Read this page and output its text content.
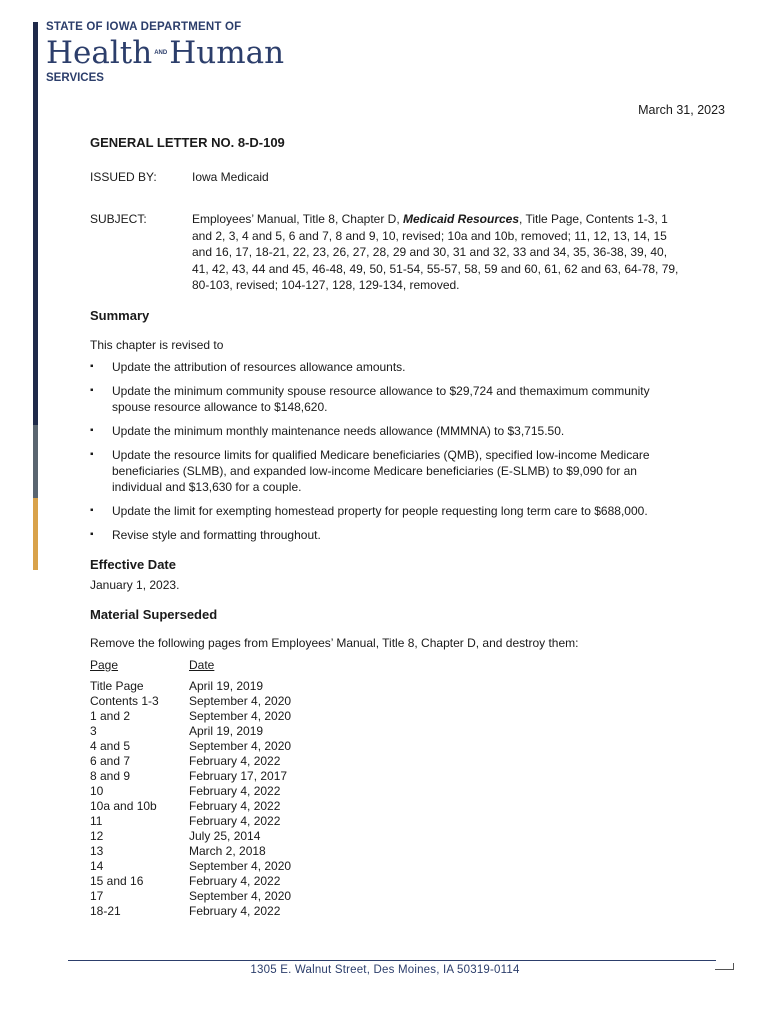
STATE OF IOWA DEPARTMENT OF
Health $^{AND}$Human
SERVICES
March 31, 2023

GENERAL LETTER NO. 8-D-109

ISSUED BY:	Iowa Medicaid
SUBJECT:	Employees’ Manual, Title 8, Chapter D, Medicaid Resources, Title Page, Contents 1-3, 1 and 2, 3, 4 and 5, 6 and 7, 8 and 9, 10, revised; 10a and 10b, removed; 11, 12, 13, 14, 15 and 16, 17, 18-21, 22, 23, 26, 27, 28, 29 and 30, 31 and 32, 33 and 34, 35, 36-38, 39, 40, 41, 42, 43, 44 and 45, 46-48, 49, 50, 51-54, 55-57, 58, 59 and 60, 61, 62 and 63, 64-78, 79, 80-103, revised; 104-127, 128, 129-134, removed.
Summary
This chapter is revised to
▪ Update the attribution of resources allowance amounts.
▪ Update the minimum community spouse resource allowance to $29,724 and themaximum community spouse resource allowance to $148,620.
▪ Update the minimum monthly maintenance needs allowance (MMMNA) to $3,715.50.
▪ Update the resource limits for qualified Medicare beneficiaries (QMB), specified low-income Medicare beneficiaries (SLMB), and expanded low-income Medicare beneficiaries (E-SLMB) to $9,090 for an individual and $13,630 for a couple.
▪ Update the limit for exempting homestead property for people requesting long term care to $688,000.
▪ Revise style and formatting throughout.
Effective Date
January 1, 2023.
Material Superseded
Remove the following pages from Employees’ Manual, Title 8, Chapter D, and destroy them:
Page	Date
Title Page	April 19, 2019
Contents 1-3	September 4, 2020
1 and 2	September 4, 2020
3	April 19, 2019
4 and 5	September 4, 2020
6 and 7	February 4, 2022
8 and 9	February 17, 2017
10	February 4, 2022
10a and 10b	February 4, 2022
11	February 4, 2022
12	July 25, 2014
13	March 2, 2018
14	September 4, 2020
15 and 16	February 4, 2022
17	September 4, 2020
18-21	February 4, 2022
1305 E. Walnut Street, Des Moines, IA 50319-0114
